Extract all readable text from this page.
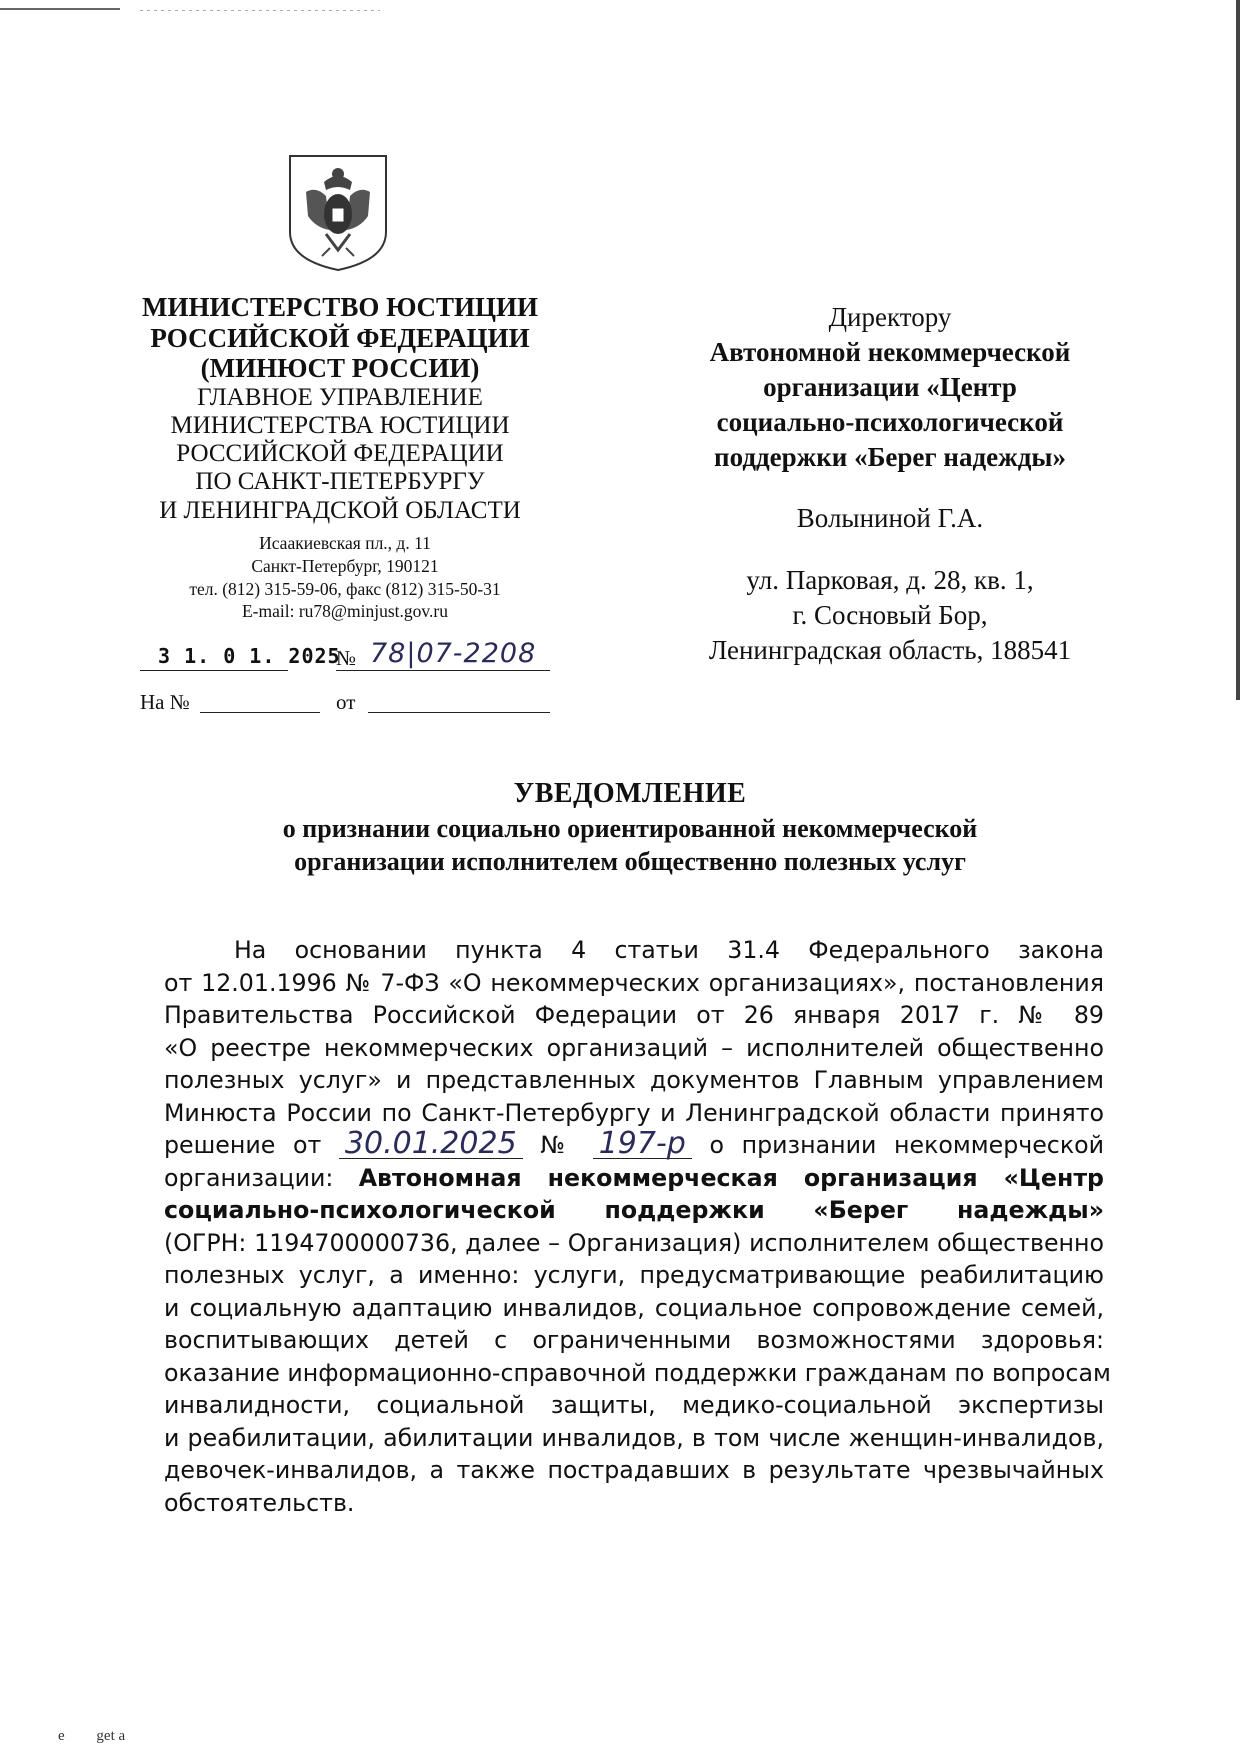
МИНИСТЕРСТВО ЮСТИЦИИ
РОССИЙСКОЙ ФЕДЕРАЦИИ
(МИНЮСТ РОССИИ)
ГЛАВНОЕ УПРАВЛЕНИЕ
МИНИСТЕРСТВА ЮСТИЦИИ
РОССИЙСКОЙ ФЕДЕРАЦИИ
ПО САНКТ-ПЕТЕРБУРГУ
И ЛЕНИНГРАДСКОЙ ОБЛАСТИ
Исаакиевская пл., д. 11
Санкт-Петербург, 190121
тел. (812) 315-59-06, факс (812) 315-50-31
E-mail: ru78@minjust.gov.ru
3 1. 0 1. 2025
№ 78|07-2208
На №	от
Директору
Автономной некоммерческой
организации «Центр
социально-психологической
поддержки «Берег надежды»
Волыниной Г.А.
ул. Парковая, д. 28, кв. 1,
г. Сосновый Бор,
Ленинградская область, 188541
УВЕДОМЛЕНИЕ
о признании социально ориентированной некоммерческой
организации исполнителем общественно полезных услуг
На основании пункта 4 статьи 31.4 Федерального закона
от 12.01.1996 № 7-ФЗ «О некоммерческих организациях», постановления
Правительства Российской Федерации от 26 января 2017 г. № 89
«О реестре некоммерческих организаций – исполнителей общественно
полезных услуг» и представленных документов Главным управлением
Минюста России по Санкт-Петербургу и Ленинградской области принято
решение от 30.01.2025 № 197-р о признании некоммерческой
организации: Автономная некоммерческая организация «Центр
социально-психологической поддержки «Берег надежды»
(ОГРН: 1194700000736, далее – Организация) исполнителем общественно
полезных услуг, а именно: услуги, предусматривающие реабилитацию
и социальную адаптацию инвалидов, социальное сопровождение семей,
воспитывающих детей с ограниченными возможностями здоровья:
оказание информационно-справочной поддержки гражданам по вопросам
инвалидности, социальной защиты, медико-социальной экспертизы
и реабилитации, абилитации инвалидов, в том числе женщин-инвалидов,
девочек-инвалидов, а также пострадавших в результате чрезвычайных
обстоятельств.
e get a
